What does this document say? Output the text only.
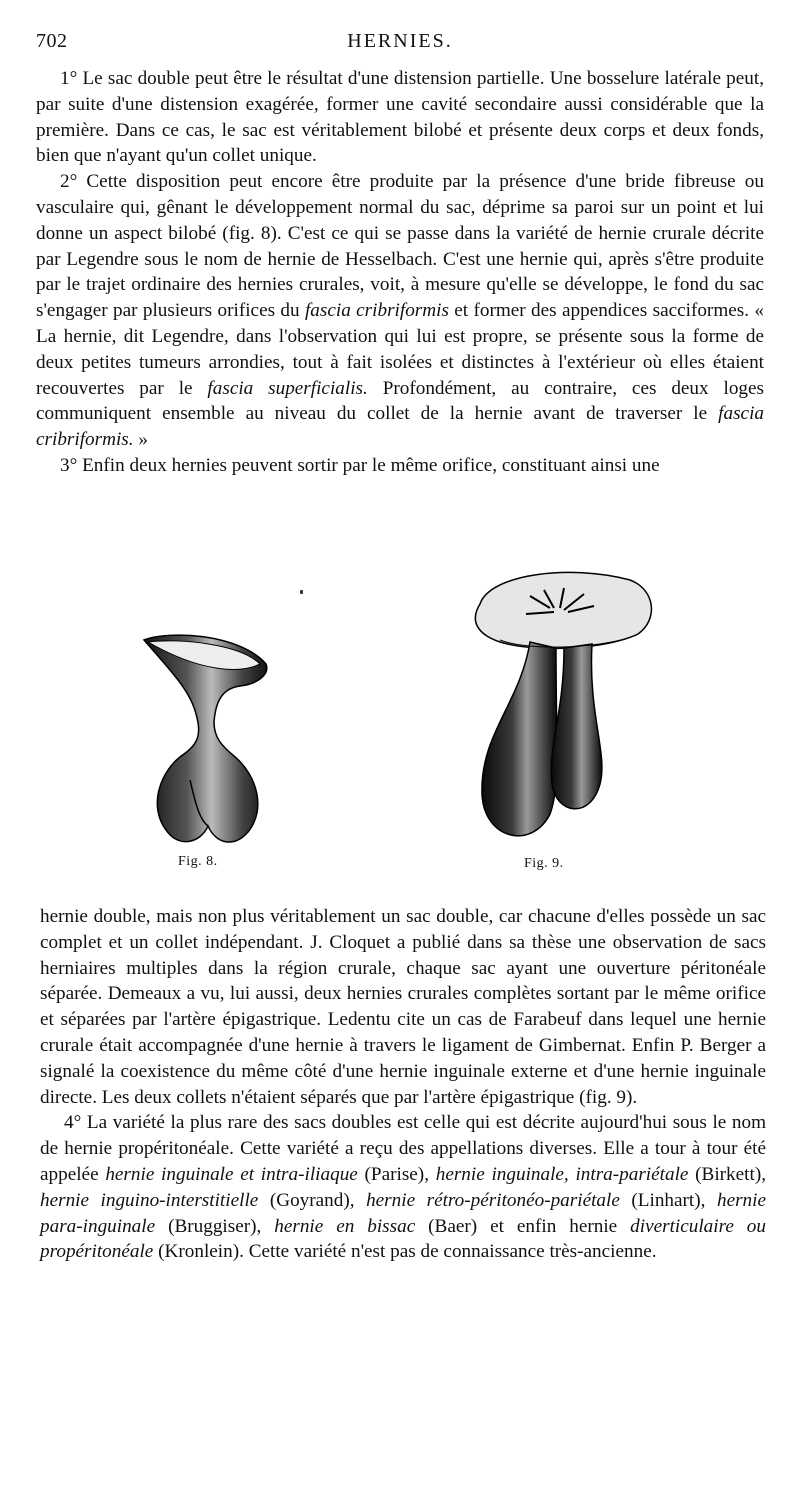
702	HERNIES.

1° Le sac double peut être le résultat d'une distension partielle. Une bosselure latérale peut, par suite d'une distension exagérée, former une cavité secondaire aussi considérable que la première. Dans ce cas, le sac est véritablement bilobé et présente deux corps et deux fonds, bien que n'ayant qu'un collet unique.

2° Cette disposition peut encore être produite par la présence d'une bride fibreuse ou vasculaire qui, gênant le développement normal du sac, déprime sa paroi sur un point et lui donne un aspect bilobé (fig. 8). C'est ce qui se passe dans la variété de hernie crurale décrite par Legendre sous le nom de hernie de Hesselbach. C'est une hernie qui, après s'être produite par le trajet ordinaire des hernies crurales, voit, à mesure qu'elle se développe, le fond du sac s'engager par plusieurs orifices du fascia cribriformis et former des appendices sacciformes. « La hernie, dit Legendre, dans l'observation qui lui est propre, se présente sous la forme de deux petites tumeurs arrondies, tout à fait isolées et distinctes à l'extérieur où elles étaient recouvertes par le fascia superficialis. Profondément, au contraire, ces deux loges communiquent ensemble au niveau du collet de la hernie avant de traverser le fascia cribriformis. »

3° Enfin deux hernies peuvent sortir par le même orifice, constituant ainsi une

Fig. 8.	Fig. 9.

hernie double, mais non plus véritablement un sac double, car chacune d'elles possède un sac complet et un collet indépendant. J. Cloquet a publié dans sa thèse une observation de sacs herniaires multiples dans la région crurale, chaque sac ayant une ouverture péritonéale séparée. Demeaux a vu, lui aussi, deux hernies crurales complètes sortant par le même orifice et séparées par l'artère épigastrique. Ledentu cite un cas de Farabeuf dans lequel une hernie crurale était accompagnée d'une hernie à travers le ligament de Gimbernat. Enfin P. Berger a signalé la coexistence du même côté d'une hernie inguinale externe et d'une hernie inguinale directe. Les deux collets n'étaient séparés que par l'artère épigastrique (fig. 9).

4° La variété la plus rare des sacs doubles est celle qui est décrite aujourd'hui sous le nom de hernie propéritonéale. Cette variété a reçu des appellations diverses. Elle a tour à tour été appelée hernie inguinale et intra-iliaque (Parise), hernie inguinale, intra-pariétale (Birkett), hernie inguino-interstitielle (Goyrand), hernie rétro-péritonéo-pariétale (Linhart), hernie para-inguinale (Bruggiser), hernie en bissac (Baer) et enfin hernie diverticulaire ou propéritonéale (Kronlein). Cette variété n'est pas de connaissance très-ancienne.
